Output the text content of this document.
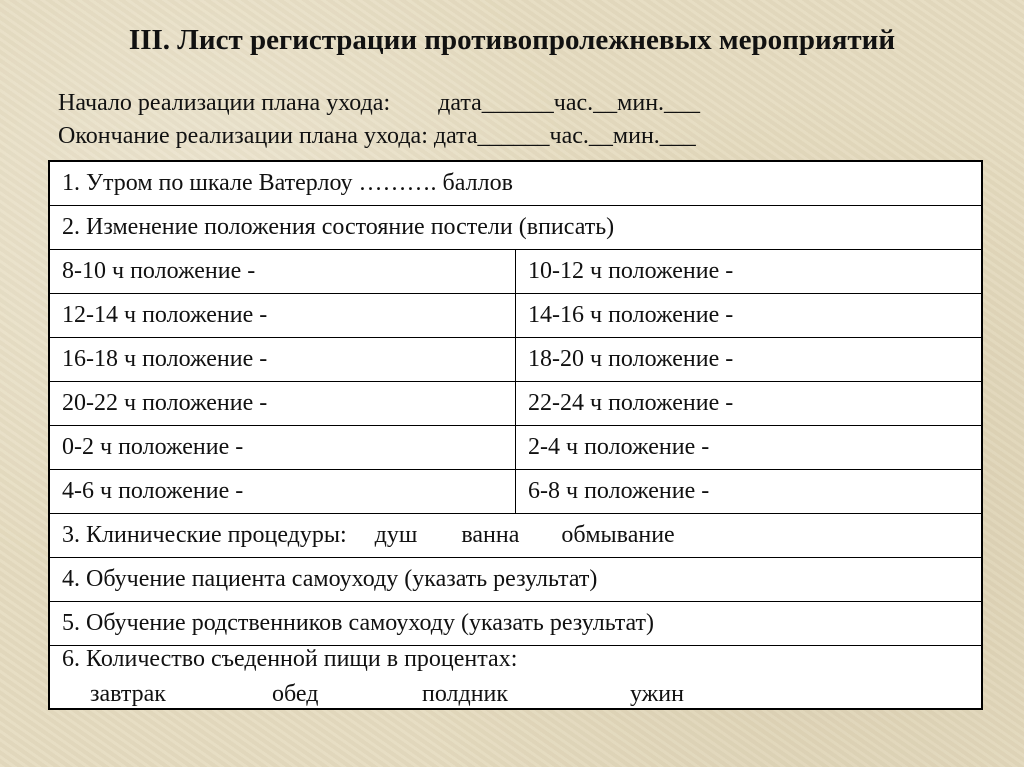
III. Лист регистрации противопролежневых мероприятий
Начало реализации плана ухода: дата______час.__мин.___
Окончание реализации плана ухода: дата______час.__мин.___
1. Утром по шкале Ватерлоу ………. баллов	
2. Изменение положения состояние постели (вписать)	
8-10 ч положение -	10-12 ч положение -
12-14 ч положение -	14-16 ч положение -
16-18 ч положение -	18-20 ч положение -
20-22 ч положение -	22-24 ч положение -
0-2 ч положение -	2-4 ч положение -
4-6 ч положение -	6-8 ч положение -
3. Клинические процедуры: душ ванна обмывание	
4. Обучение пациента самоуходу (указать результат)	
5. Обучение родственников самоуходу (указать результат)	

6. Количество съеденной пищи в процентах:
завтрак обед полдник ужин	
